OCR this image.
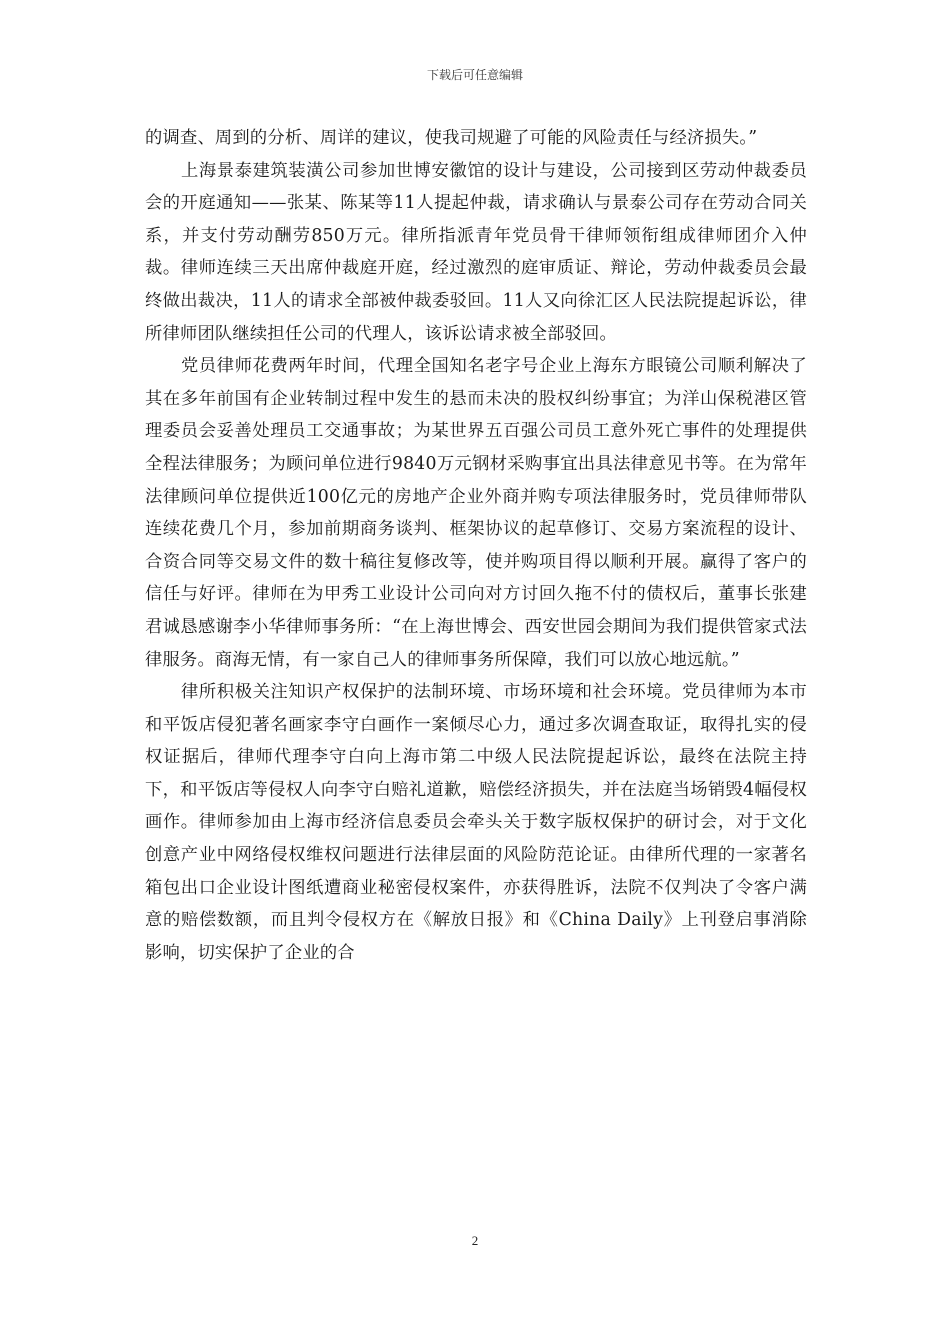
下载后可任意编辑

的调查、周到的分析、周详的建议，使我司规避了可能的风险责任与经济损失。”

上海景泰建筑装潢公司参加世博安徽馆的设计与建设，公司接到区劳动仲裁委员会的开庭通知——张某、陈某等11人提起仲裁，请求确认与景泰公司存在劳动合同关系，并支付劳动酬劳850万元。律所指派青年党员骨干律师领衔组成律师团介入仲裁。律师连续三天出席仲裁庭开庭，经过激烈的庭审质证、辩论，劳动仲裁委员会最终做出裁决，11人的请求全部被仲裁委驳回。11人又向徐汇区人民法院提起诉讼，律所律师团队继续担任公司的代理人，该诉讼请求被全部驳回。

党员律师花费两年时间，代理全国知名老字号企业上海东方眼镜公司顺利解决了其在多年前国有企业转制过程中发生的悬而未决的股权纠纷事宜；为洋山保税港区管理委员会妥善处理员工交通事故；为某世界五百强公司员工意外死亡事件的处理提供全程法律服务；为顾问单位进行9840万元钢材采购事宜出具法律意见书等。在为常年法律顾问单位提供近100亿元的房地产企业外商并购专项法律服务时，党员律师带队连续花费几个月，参加前期商务谈判、框架协议的起草修订、交易方案流程的设计、合资合同等交易文件的数十稿往复修改等，使并购项目得以顺利开展。赢得了客户的信任与好评。律师在为甲秀工业设计公司向对方讨回久拖不付的债权后，董事长张建君诚恳感谢李小华律师事务所：“在上海世博会、西安世园会期间为我们提供管家式法律服务。商海无情，有一家自己人的律师事务所保障，我们可以放心地远航。”

律所积极关注知识产权保护的法制环境、市场环境和社会环境。党员律师为本市和平饭店侵犯著名画家李守白画作一案倾尽心力，通过多次调查取证，取得扎实的侵权证据后，律师代理李守白向上海市第二中级人民法院提起诉讼，最终在法院主持下，和平饭店等侵权人向李守白赔礼道歉，赔偿经济损失，并在法庭当场销毁4幅侵权画作。律师参加由上海市经济信息委员会牵头关于数字版权保护的研讨会，对于文化创意产业中网络侵权维权问题进行法律层面的风险防范论证。由律所代理的一家著名箱包出口企业设计图纸遭商业秘密侵权案件，亦获得胜诉，法院不仅判决了令客户满意的赔偿数额，而且判令侵权方在《解放日报》和《China Daily》上刊登启事消除影响，切实保护了企业的合

2
